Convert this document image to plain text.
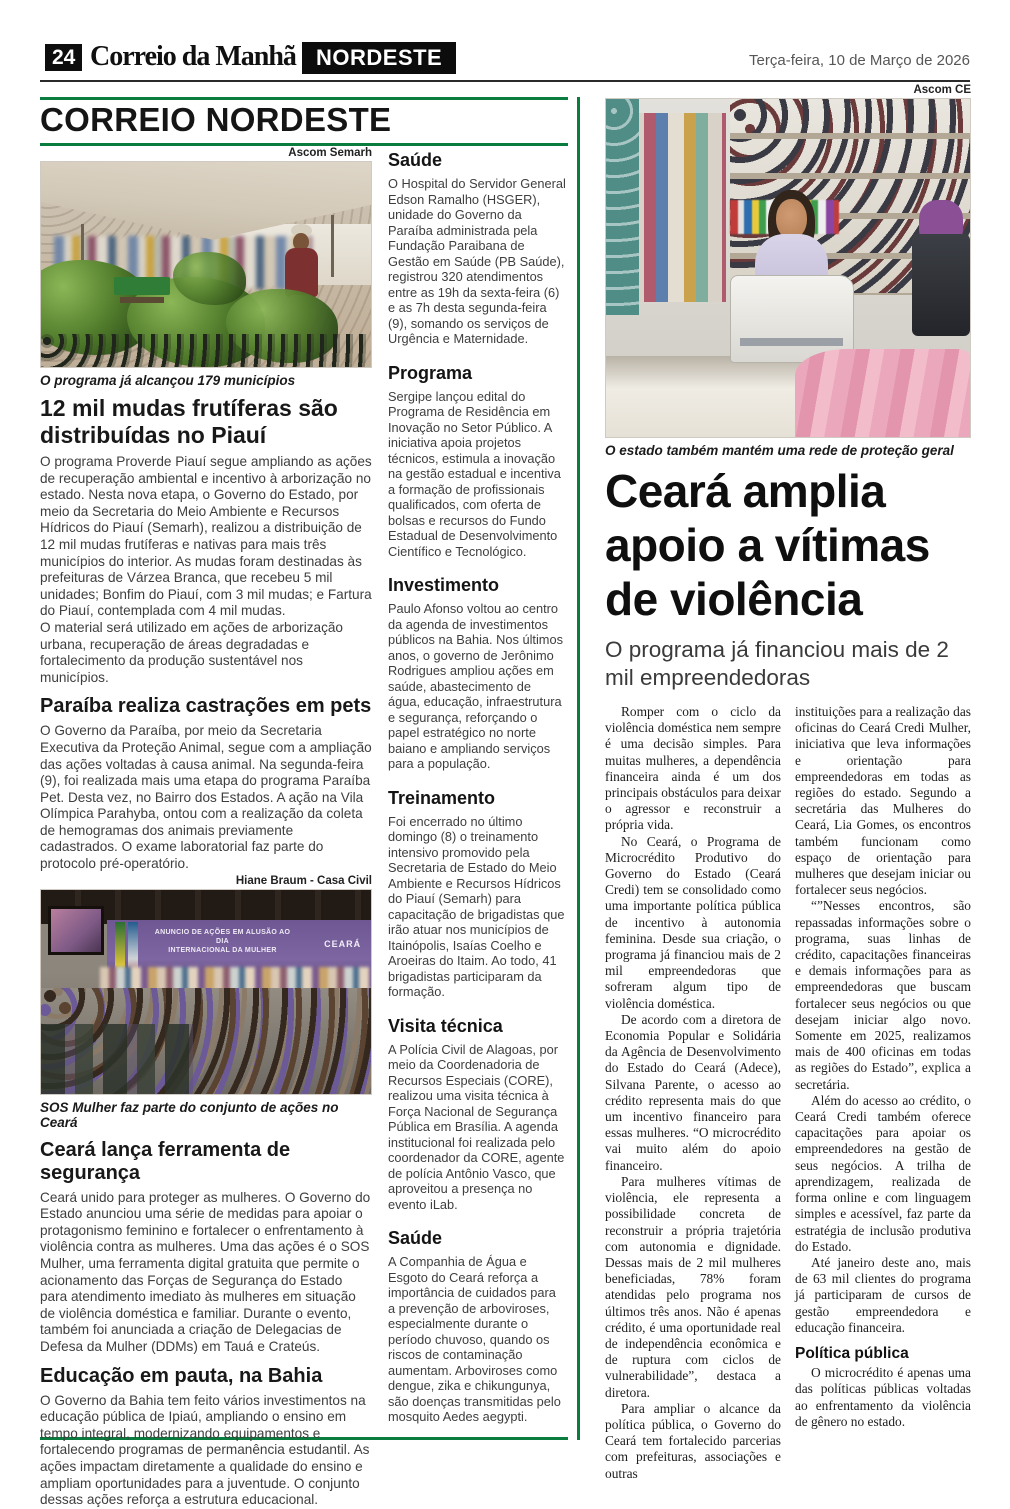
24 Correio da Manhã NORDESTE	Terça-feira, 10 de Março de 2026
CORREIO NORDESTE
Ascom Semarh
O programa já alcançou 179 municípios
12 mil mudas frutíferas são distribuídas no Piauí

O programa Proverde Piauí segue ampliando as ações de recuperação ambiental e incentivo à arborização no estado. Nesta nova etapa, o Governo do Estado, por meio da Secretaria do Meio Ambiente e Recursos Hídricos do Piauí (Semarh), realizou a distribuição de 12 mil mudas frutíferas e nativas para mais três municípios do interior. As mudas foram destinadas às prefeituras de Várzea Branca, que recebeu 5 mil unidades; Bonfim do Piauí, com 3 mil mudas; e Fartura do Piauí, contemplada com 4 mil mudas.

O material será utilizado em ações de arborização urbana, recuperação de áreas degradadas e fortalecimento da produção sustentável nos municípios.

Paraíba realiza castrações em pets

O Governo da Paraíba, por meio da Secretaria Executiva da Proteção Animal, segue com a ampliação das ações voltadas à causa animal. Na segunda-feira (9), foi realizada mais uma etapa do programa Paraíba Pet. Desta vez, no Bairro dos Estados. A ação na Vila Olímpica Parahyba, ontou com a realização da coleta de hemogramas dos animais previamente cadastrados. O exame laboratorial faz parte do protocolo pré-operatório.

Hiane Braum - Casa Civil
ANUNCIO DE AÇÕES EM ALUSÃO AO DIA
INTERNACIONAL DA MULHER
CEARÁ
SOS Mulher faz parte do conjunto de ações no Ceará
Ceará lança ferramenta de segurança

Ceará unido para proteger as mulheres. O Governo do Estado anunciou uma série de medidas para apoiar o protagonismo feminino e fortalecer o enfrentamento à violência contra as mulheres. Uma das ações é o SOS Mulher, uma ferramenta digital gratuita que permite o acionamento das Forças de Segurança do Estado para atendimento imediato às mulheres em situação de violência doméstica e familiar. Durante o evento, também foi anunciada a criação de Delegacias de Defesa da Mulher (DDMs) em Tauá e Crateús.

Educação em pauta, na Bahia

O Governo da Bahia tem feito vários investimentos na educação pública de Ipiaú, ampliando o ensino em tempo integral, modernizando equipamentos e fortalecendo programas de permanência estudantil. As ações impactam diretamente a qualidade do ensino e ampliam oportunidades para a juventude. O conjunto dessas ações reforça a estrutura educacional.

Saúde
O Hospital do Servidor General Edson Ramalho (HSGER), unidade do Governo da Paraíba administrada pela Fundação Paraibana de Gestão em Saúde (PB Saúde), registrou 320 atendimentos entre as 19h da sexta-feira (6) e as 7h desta segunda-feira (9), somando os serviços de Urgência e Maternidade.
Programa
Sergipe lançou edital do Programa de Residência em Inovação no Setor Público. A iniciativa apoia projetos técnicos, estimula a inovação na gestão estadual e incentiva a formação de profissionais qualificados, com oferta de bolsas e recursos do Fundo Estadual de Desenvolvimento Científico e Tecnológico.
Investimento
Paulo Afonso voltou ao centro da agenda de investimentos públicos na Bahia. Nos últimos anos, o governo de Jerônimo Rodrigues ampliou ações em saúde, abastecimento de água, educação, infraestrutura e segurança, reforçando o papel estratégico no norte baiano e ampliando serviços para a população.
Treinamento
Foi encerrado no último domingo (8) o treinamento intensivo promovido pela Secretaria de Estado do Meio Ambiente e Recursos Hídricos do Piauí (Semarh) para capacitação de brigadistas que irão atuar nos municípios de Itainópolis, Isaías Coelho e Aroeiras do Itaim. Ao todo, 41 brigadistas participaram da formação.
Visita técnica
A Polícia Civil de Alagoas, por meio da Coordenadoria de Recursos Especiais (CORE), realizou uma visita técnica à Força Nacional de Segurança Pública em Brasília. A agenda institucional foi realizada pelo coordenador da CORE, agente de polícia Antônio Vasco, que aproveitou a presença no evento iLab.
Saúde
A Companhia de Água e Esgoto do Ceará reforça a importância de cuidados para a prevenção de arboviroses, especialmente durante o período chuvoso, quando os riscos de contaminação aumentam. Arboviroses como dengue, zika e chikungunya, são doenças transmitidas pelo mosquito Aedes aegypti.
Ascom CE
O estado também mantém uma rede de proteção geral
Ceará amplia apoio a vítimas de violência
O programa já financiou mais de 2 mil empreendedoras

Romper com o ciclo da violência doméstica nem sempre é uma decisão simples. Para muitas mulheres, a dependência financeira ainda é um dos principais obstáculos para deixar o agressor e reconstruir a própria vida.

No Ceará, o Programa de Microcrédito Produtivo do Governo do Estado (Ceará Credi) tem se consolidado como uma importante política pública de incentivo à autonomia feminina. Desde sua criação, o programa já financiou mais de 2 mil empreendedoras que sofreram algum tipo de violência doméstica.

De acordo com a diretora de Economia Popular e Solidária da Agência de Desenvolvimento do Estado do Ceará (Adece), Silvana Parente, o acesso ao crédito representa mais do que um incentivo financeiro para essas mulheres. “O microcrédito vai muito além do apoio financeiro.

Para mulheres vítimas de violência, ele representa a possibilidade concreta de reconstruir a própria trajetória com autonomia e dignidade. Dessas mais de 2 mil mulheres beneficiadas, 78% foram atendidas pelo programa nos últimos três anos. Não é apenas crédito, é uma oportunidade real de independência econômica e de ruptura com ciclos de vulnerabilidade”, destaca a diretora.

Para ampliar o alcance da política pública, o Governo do Ceará tem fortalecido parcerias com prefeituras, associações e outras

instituições para a realização das oficinas do Ceará Credi Mulher, iniciativa que leva informações e orientação para empreendedoras em todas as regiões do estado. Segundo a secretária das Mulheres do Ceará, Lia Gomes, os encontros também funcionam como espaço de orientação para mulheres que desejam iniciar ou fortalecer seus negócios.

“”Nesses encontros, são repassadas informações sobre o programa, suas linhas de crédito, capacitações financeiras e demais informações para as empreendedoras que buscam fortalecer seus negócios ou que desejam iniciar algo novo. Somente em 2025, realizamos mais de 400 oficinas em todas as regiões do Estado”, explica a secretária.

Além do acesso ao crédito, o Ceará Credi também oferece capacitações para apoiar os empreendedores na gestão de seus negócios. A trilha de aprendizagem, realizada de forma online e com linguagem simples e acessível, faz parte da estratégia de inclusão produtiva do Estado.

Até janeiro deste ano, mais de 63 mil clientes do programa já participaram de cursos de gestão empreendedora e educação financeira.

Política pública

O microcrédito é apenas uma das políticas públicas voltadas ao enfrentamento da violência de gênero no estado.
